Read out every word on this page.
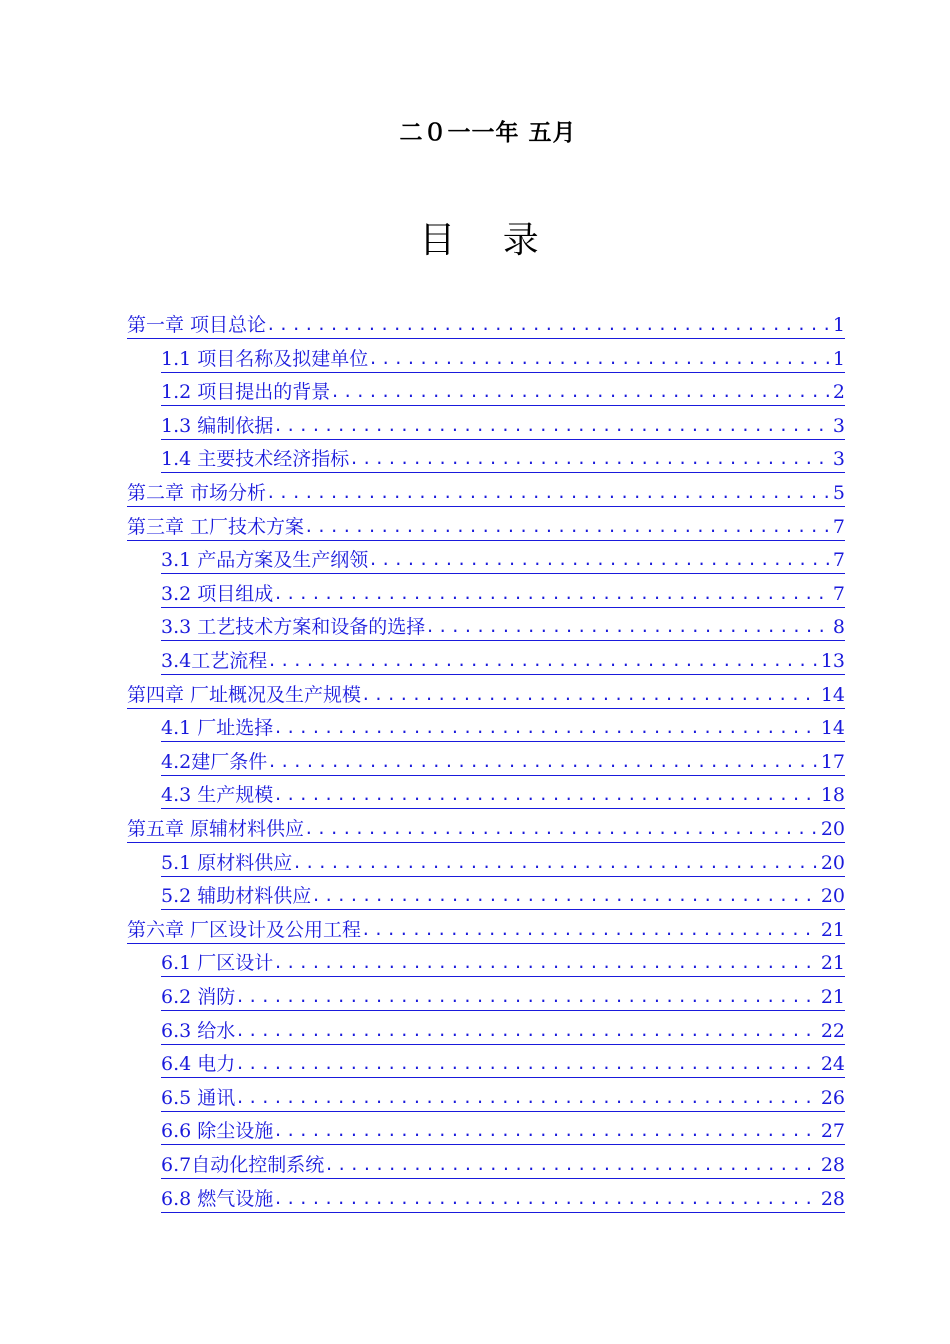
二０一一年 五月
目 录
第一章 项目总论 .....	1
1.1 项目名称及拟建单位 .....	1
1.2 项目提出的背景 .....	2
1.3 编制依据 .....	3
1.4 主要技术经济指标 .....	3
第二章 市场分析 .....	5
第三章 工厂技术方案 .....	7
3.1 产品方案及生产纲领 .....	7
3.2 项目组成 .....	7
3.3 工艺技术方案和设备的选择 .....	8
3.4工艺流程 .....	13
第四章 厂址概况及生产规模 .....	14
4.1 厂址选择 .....	14
4.2建厂条件 .....	17
4.3 生产规模 .....	18
第五章 原辅材料供应 .....	20
5.1 原材料供应 .....	20
5.2 辅助材料供应 .....	20
第六章 厂区设计及公用工程 .....	21
6.1 厂区设计 .....	21
6.2 消防 .....	21
6.3 给水 .....	22
6.4 电力 .....	24
6.5 通讯 .....	26
6.6 除尘设施 .....	27
6.7自动化控制系统 .....	28
6.8 燃气设施 .....	28
